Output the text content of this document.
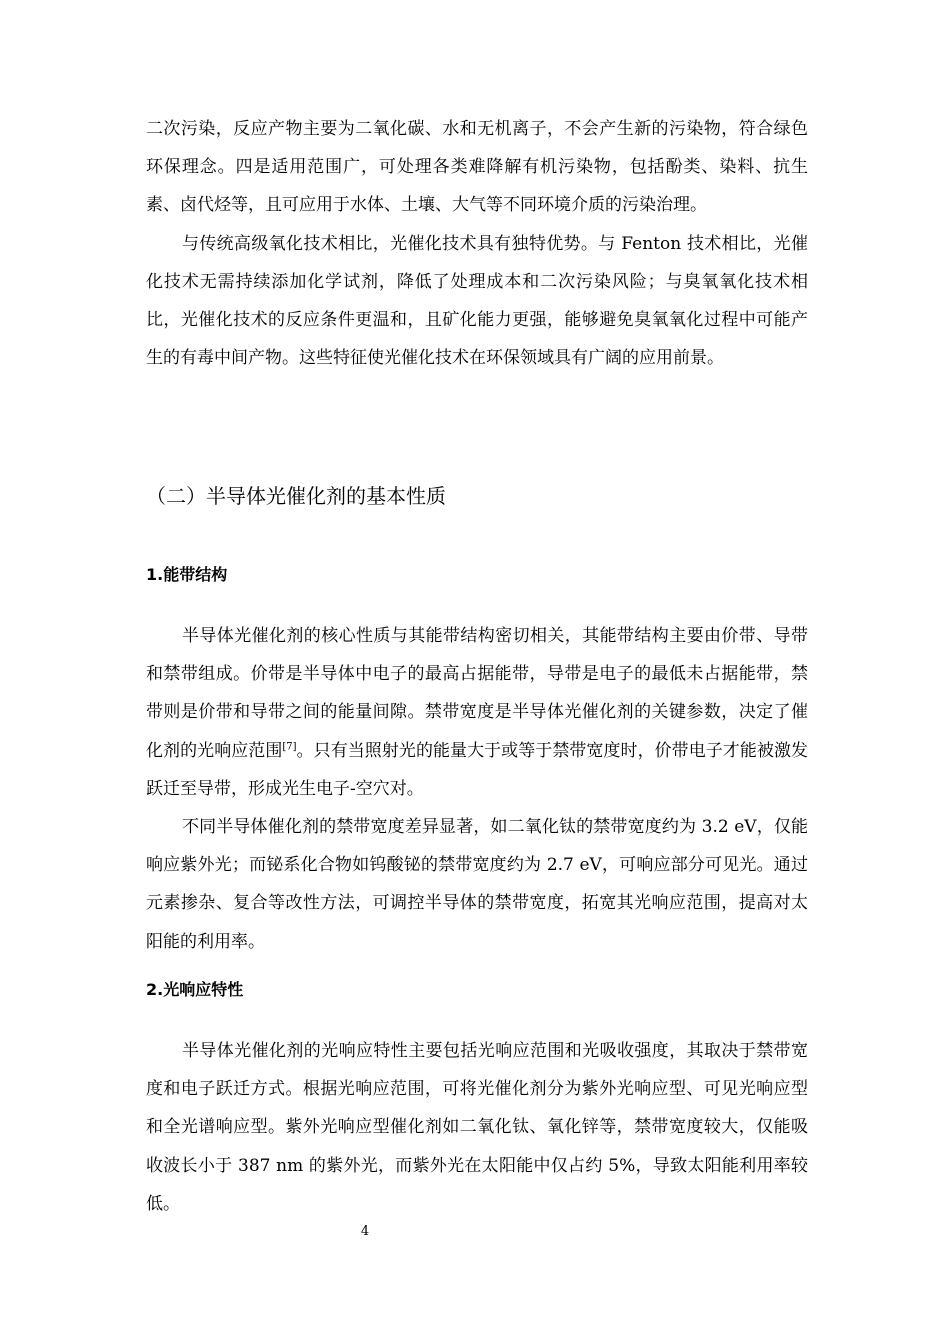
二次污染，反应产物主要为二氧化碳、水和无机离子，不会产生新的污染物，符合绿色环保理念。四是适用范围广，可处理各类难降解有机污染物，包括酚类、染料、抗生素、卤代烃等，且可应用于水体、土壤、大气等不同环境介质的污染治理。

与传统高级氧化技术相比，光催化技术具有独特优势。与 Fenton 技术相比，光催化技术无需持续添加化学试剂，降低了处理成本和二次污染风险；与臭氧氧化技术相比，光催化技术的反应条件更温和，且矿化能力更强，能够避免臭氧氧化过程中可能产生的有毒中间产物。这些特征使光催化技术在环保领域具有广阔的应用前景。

（二）半导体光催化剂的基本性质
1.能带结构

半导体光催化剂的核心性质与其能带结构密切相关，其能带结构主要由价带、导带和禁带组成。价带是半导体中电子的最高占据能带，导带是电子的最低未占据能带，禁带则是价带和导带之间的能量间隙。禁带宽度是半导体光催化剂的关键参数，决定了催化剂的光响应范围[7]。只有当照射光的能量大于或等于禁带宽度时，价带电子才能被激发跃迁至导带，形成光生电子-空穴对。

不同半导体催化剂的禁带宽度差异显著，如二氧化钛的禁带宽度约为 3.2 eV，仅能响应紫外光；而铋系化合物如钨酸铋的禁带宽度约为 2.7 eV，可响应部分可见光。通过元素掺杂、复合等改性方法，可调控半导体的禁带宽度，拓宽其光响应范围，提高对太阳能的利用率。

2.光响应特性

半导体光催化剂的光响应特性主要包括光响应范围和光吸收强度，其取决于禁带宽度和电子跃迁方式。根据光响应范围，可将光催化剂分为紫外光响应型、可见光响应型和全光谱响应型。紫外光响应型催化剂如二氧化钛、氧化锌等，禁带宽度较大，仅能吸收波长小于 387 nm 的紫外光，而紫外光在太阳能中仅占约 5%，导致太阳能利用率较低。

4
